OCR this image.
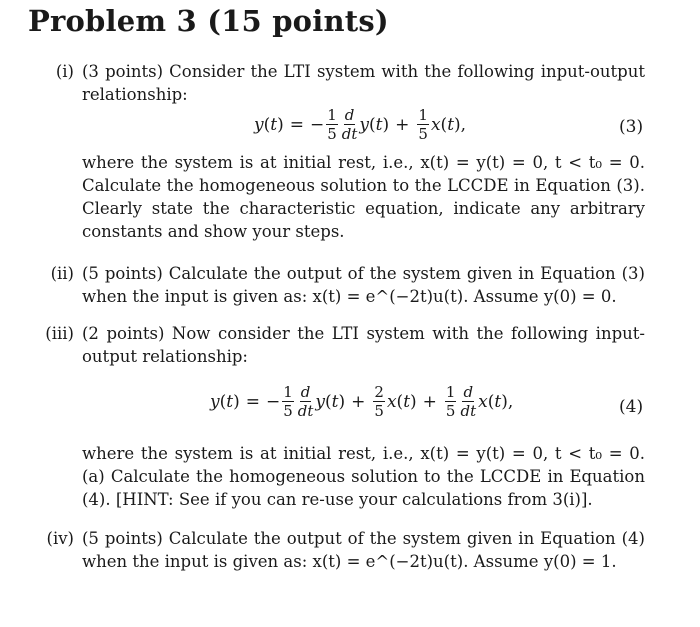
Problem 3 (15 points)
(i) (3 points) Consider the LTI system with the following input-output relationship:
y ( t ) = − $\frac{1}{5} \frac{d}{dt}$ y ( t ) + $\frac{1}{5}$ x ( t ),	(3)
where the system is at initial rest, i.e., x(t) = y(t) = 0, t < t₀ = 0. Calculate the homogeneous solution to the LCCDE in Equation (3). Clearly state the characteristic equation, indicate any arbitrary constants and show your steps.
(ii) (5 points) Calculate the output of the system given in Equation (3) when the input is given as: x(t) = e^(−2t)u(t). Assume y(0) = 0.
(iii) (2 points) Now consider the LTI system with the following input-output relationship:
y ( t ) = − $\frac{1}{5} \frac{d}{dt}$ y ( t ) + $\frac{2}{5}$ x ( t ) + $\frac{1}{5} \frac{d}{dt}$ x ( t ),	(4)
where the system is at initial rest, i.e., x(t) = y(t) = 0, t < t₀ = 0. (a) Calculate the homogeneous solution to the LCCDE in Equation (4). [HINT: See if you can re-use your calculations from 3(i)].
(iv) (5 points) Calculate the output of the system given in Equation (4) when the input is given as: x(t) = e^(−2t)u(t). Assume y(0) = 1.
